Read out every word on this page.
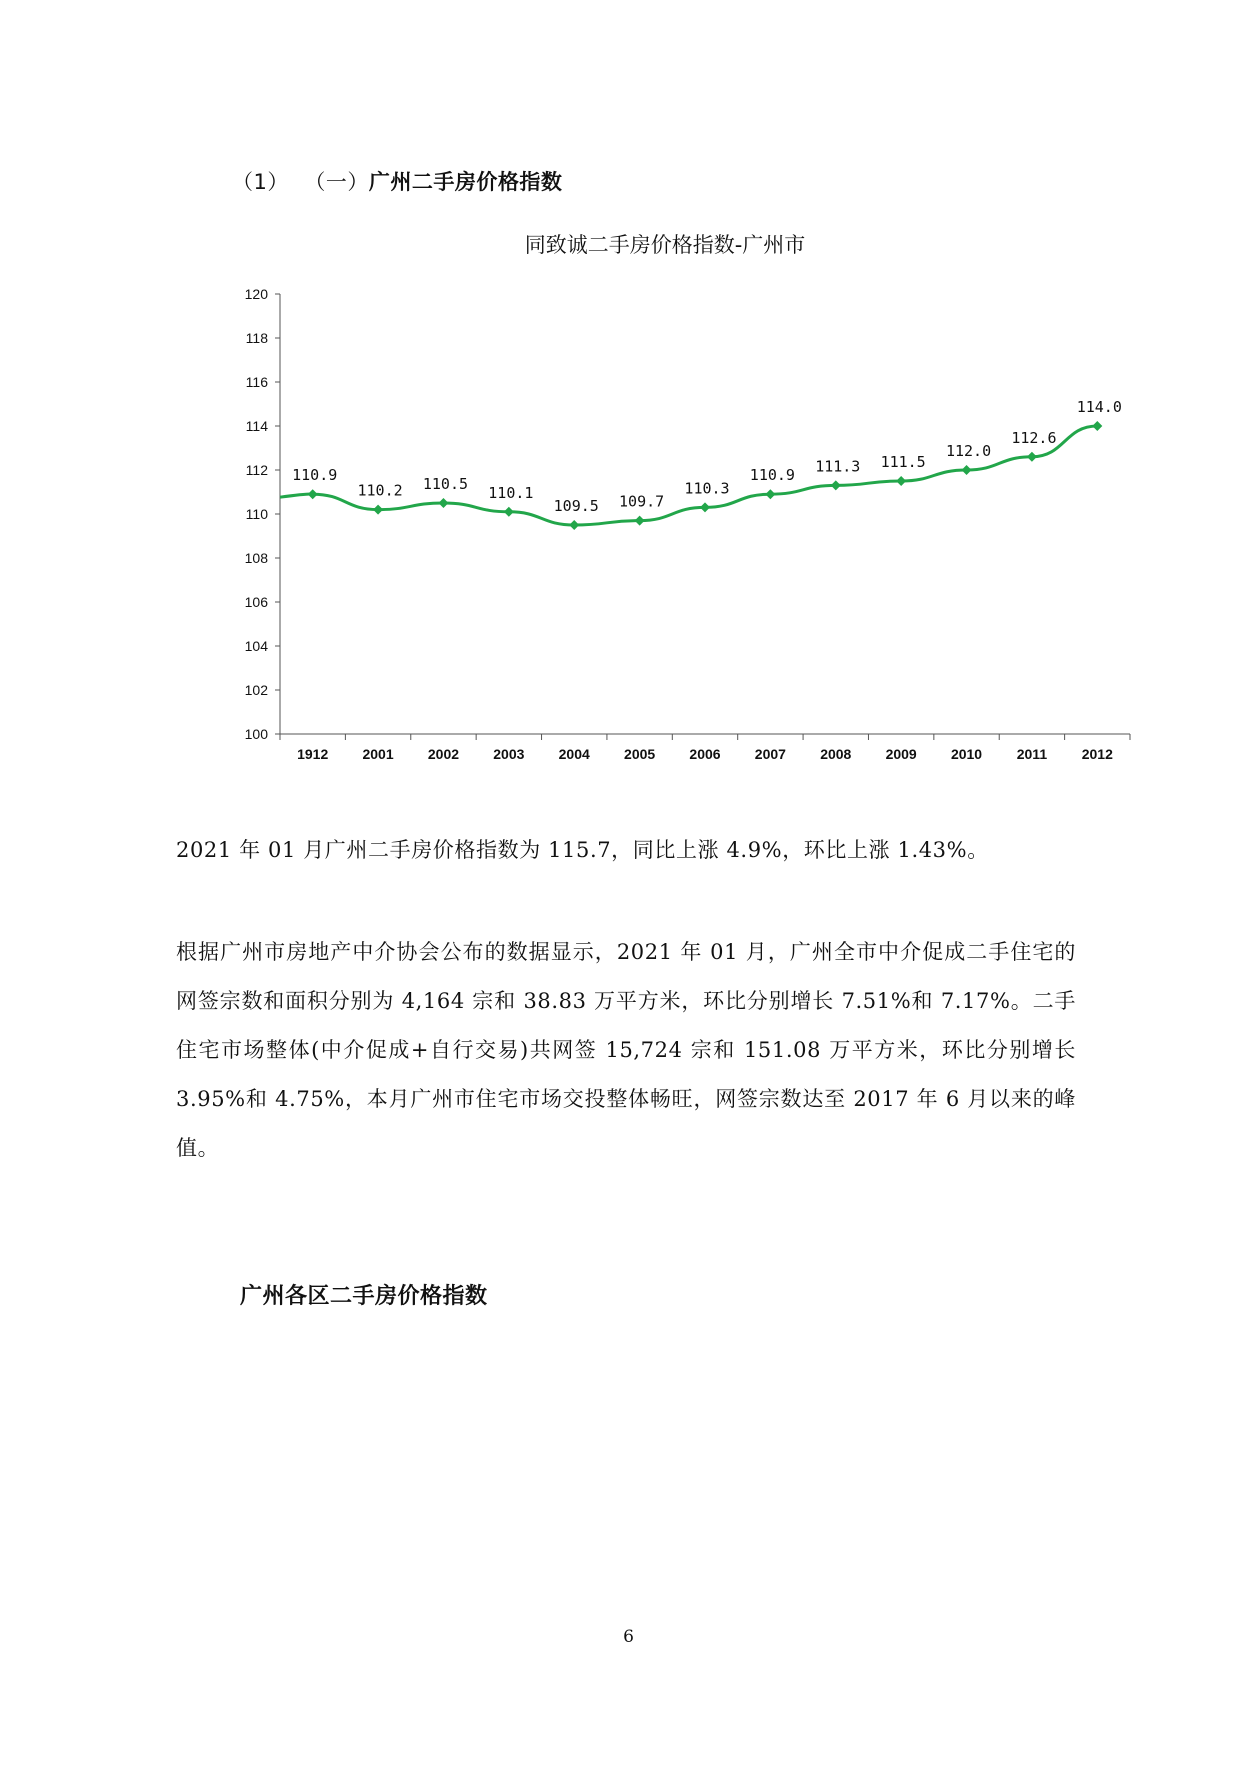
（1） （一）广州二手房价格指数
同致诚二手房价格指数-广州市
100
102
104
106
108
110
112
114
116
118
120
1912 2001 2002 2003 2004 2005 2006 2007 2008 2009 2010 2011 2012
110.9
110.2 110.5 110.1
109.5 109.7
110.3
110.9 111.3 111.5
112.0
112.6
114.0
2021 年 01 月广州二手房价格指数为 115.7，同比上涨 4.9%，环比上涨 1.43%。
根据广州市房地产中介协会公布的数据显示，2021 年 01 月，广州全市中介促成二手住宅的网签宗数和面积分别为 4,164 宗和 38.83 万平方米，环比分别增长 7.51%和 7.17%。二手住宅市场整体(中介促成+自行交易)共网签 15,724 宗和 151.08 万平方米，环比分别增长 3.95%和 4.75%，本月广州市住宅市场交投整体畅旺，网签宗数达至 2017 年 6 月以来的峰值。
广州各区二手房价格指数
6
